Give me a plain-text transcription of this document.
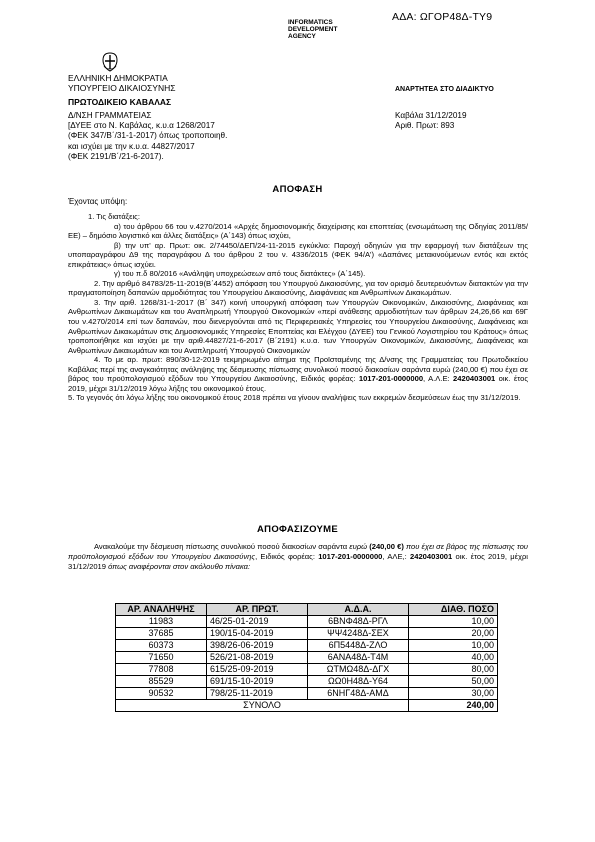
ΑΔΑ: ΩΓΟΡ48Δ-ΤΥ9
INFORMATICS
DEVELOPMENT
AGENCY
ΕΛΛΗΝΙΚΗ ΔΗΜΟΚΡΑΤΙΑ
ΥΠΟΥΡΓΕΙΟ ΔΙΚΑΙΟΣΥΝΗΣ
ΠΡΩΤΟΔΙΚΕΙΟ ΚΑΒΑΛΑΣ
Δ/ΝΣΗ ΓΡΑΜΜΑΤΕΙΑΣ
[ΔΥΕΕ στο Ν. Καβάλας, κ.υ.α 1268/2017
(ΦΕΚ 347/Β΄/31-1-2017) όπως τροποποιηθ.
και ισχύει με την κ.υ.α. 44827/2017
(ΦΕΚ 2191/Β΄/21-6-2017).
ΑΝΑΡΤΗΤΕΑ ΣΤΟ ΔΙΑΔΙΚΤΥΟ
Καβάλα 31/12/2019
Αριθ. Πρωτ: 893
ΑΠΟΦΑΣΗ
Έχοντας υπόψη:

1. Τις διατάξεις:

α) του άρθρου 66 του ν.4270/2014 «Αρχές δημοσιονομικής διαχείρισης και εποπτείας (ενσωμάτωση της Οδηγίας 2011/85/ΕΕ) – δημόσιο λογιστικό και άλλες διατάξεις» (Α΄143) όπως ισχύει,

β) την υπ' αρ. Πρωτ: οικ. 2/74450/ΔΕΠ/24-11-2015 εγκύκλιο: Παροχή οδηγιών για την εφαρμογή των διατάξεων της υποπαραγράφου Δ9 της παραγράφου Δ του άρθρου 2 του ν. 4336/2015 (ΦΕΚ 94/Α') «Δαπάνες μετακινούμενων εντός και εκτός επικράτειας» όπως ισχύει.

γ) του π.δ 80/2016 «Ανάληψη υποχρεώσεων από τους διατάκτες» (Α΄145).

2. Την αριθμό 84783/25-11-2019(Β΄4452) απόφαση του Υπουργού Δικαιοσύνης, για τον ορισμό δευτερευόντων διατακτών για την πραγματοποίηση δαπανών αρμοδιότητας του Υπουργείου Δικαιοσύνης, Διαφάνειας και Ανθρωπίνων Δικαιωμάτων.

3. Την αριθ. 1268/31-1-2017 (Β΄ 347) κοινή υπουργική απόφαση των Υπουργών Οικονομικών, Δικαιοσύνης, Διαφάνειας και Ανθρωπίνων Δικαιωμάτων και του Αναπληρωτή Υπουργού Οικονομικών «περί ανάθεσης αρμοδιοτήτων των άρθρων 24,26,66 και 69Γ του ν.4270/2014 επί των δαπανών, που διενεργούνται από τις Περιφερειακές Υπηρεσίες του Υπουργείου Δικαιοσύνης, Διαφάνειας και Ανθρωπίνων Δικαιωμάτων στις Δημοσιονομικές Υπηρεσίες Εποπτείας και Ελέγχου (ΔΥΕΕ) του Γενικού Λογιστηρίου του Κράτους» όπως τροποποιήθηκε και ισχύει με την αριθ.44827/21-6-2017 (Β΄2191) κ.υ.α. των Υπουργών Οικονομικών, Δικαιοσύνης, Διαφάνειας και Ανθρωπίνων Δικαιωμάτων και του Αναπληρωτή Υπουργού Οικονομικών

4. Το με αρ. πρωτ: 890/30-12-2019 τεκμηριωμένο αίτημα της Προϊσταμένης της Δ/νσης της Γραμματείας του Πρωτοδικείου Καβάλας περί της αναγκαιότητας ανάληψης της δέσμευσης πίστωσης συνολικού ποσού διακοσίων σαράντα ευρώ (240,00 €) που έχει σε βάρος του προϋπολογισμού εξόδων του Υπουργείου Δικαιοσύνης, Ειδικός φορέας: 1017-201-0000000, Α.Λ.Ε: 2420403001 οικ. έτος 2019, μέχρι 31/12/2019 λόγω λήξης του οικονομικού έτους.

5. Το γεγονός ότι λόγω λήξης του οικονομικού έτους 2018 πρέπει να γίνουν αναλήψεις των εκκρεμών δεσμεύσεων έως την 31/12/2019.

ΑΠΟΦΑΣΙΖΟΥΜΕ
Ανακαλούμε την δέσμευση πίστωσης συνολικού ποσού διακοσίων σαράντα ευρώ (240,00 €) που έχει σε βάρος της πίστωσης του προϋπολογισμού εξόδων του Υπουργείου Δικαιοσύνης, Ειδικός φορέας: 1017-201-0000000, ΑΛΕ,: 2420403001 οικ. έτος 2019, μέχρι 31/12/2019 όπως αναφέρονται στον ακόλουθο πίνακα:
ΑΡ. ΑΝΑΛΗΨΗΣ	ΑΡ. ΠΡΩΤ.	Α.Δ.Α.	ΔΙΑΘ. ΠΟΣΟ
11983	46/25-01-2019	6ΒΝΦ48Δ-ΡΓΛ	10,00
37685	190/15-04-2019	ΨΨ4248Δ-ΣΕΧ	20,00
60373	398/26-06-2019	6Π5448Δ-ΖΛΟ	10,00
71650	526/21-08-2019	6ΑΝΑ48Δ-Τ4Μ	40,00
77808	615/25-09-2019	ΩΤΜΩ48Δ-ΔΓΧ	80,00
85529	691/15-10-2019	ΩΩ0Η48Δ-Υ64	50,00
90532	798/25-11-2019	6ΝΗΓ48Δ-ΑΜΔ	30,00
ΣΥΝΟΛΟ			240,00
